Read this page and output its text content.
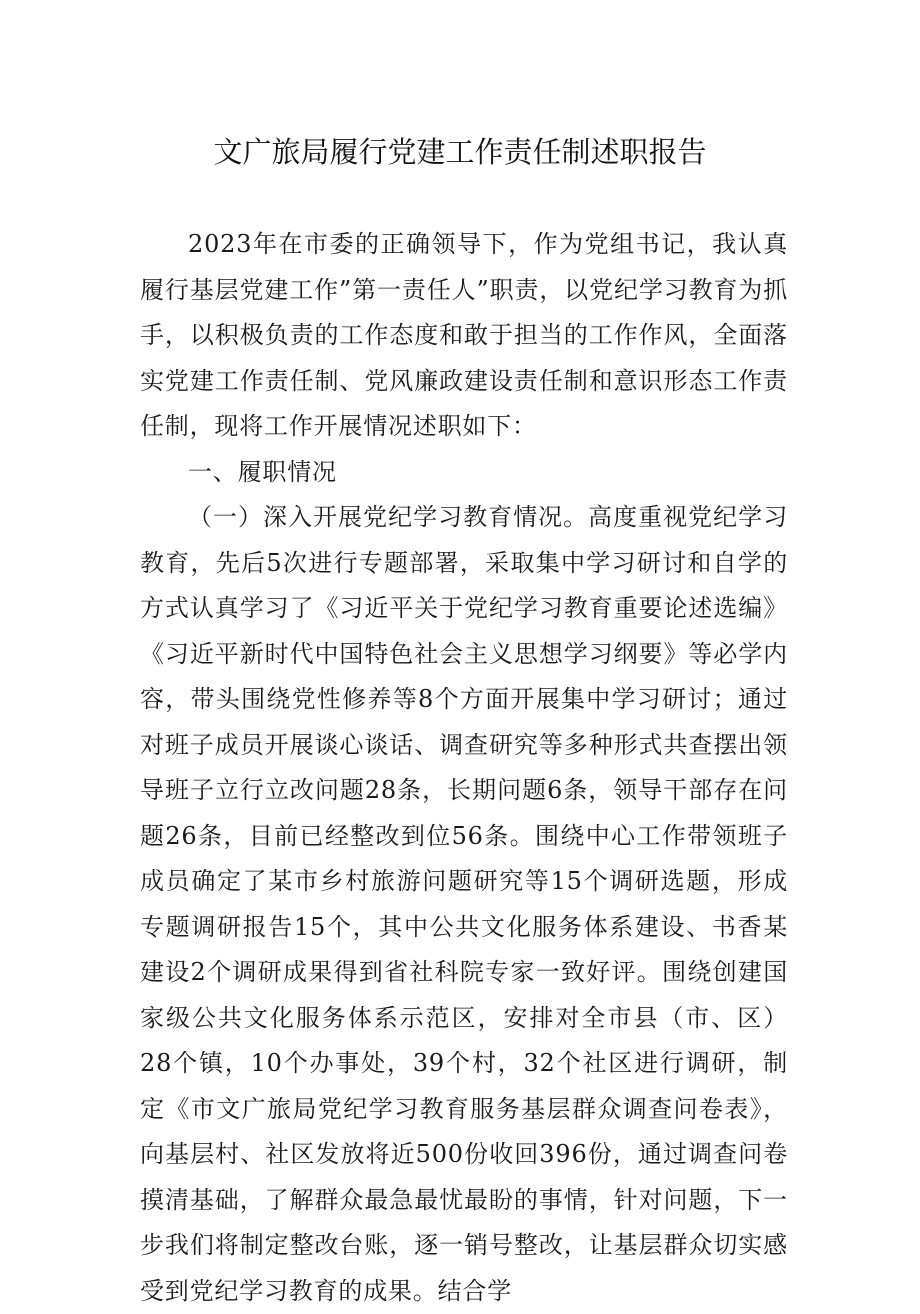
文广旅局履行党建工作责任制述职报告

2023年在市委的正确领导下，作为党组书记，我认真履行基层党建工作”第一责任人”职责，以党纪学习教育为抓手，以积极负责的工作态度和敢于担当的工作作风，全面落实党建工作责任制、党风廉政建设责任制和意识形态工作责任制，现将工作开展情况述职如下：

一、履职情况

（一）深入开展党纪学习教育情况。高度重视党纪学习教育，先后5次进行专题部署，采取集中学习研讨和自学的方式认真学习了《习近平关于党纪学习教育重要论述选编》《习近平新时代中国特色社会主义思想学习纲要》等必学内容，带头围绕党性修养等8个方面开展集中学习研讨；通过对班子成员开展谈心谈话、调查研究等多种形式共查摆出领导班子立行立改问题28条，长期问题6条，领导干部存在问题26条，目前已经整改到位56条。围绕中心工作带领班子成员确定了某市乡村旅游问题研究等15个调研选题，形成专题调研报告15个，其中公共文化服务体系建设、书香某建设2个调研成果得到省社科院专家一致好评。围绕创建国家级公共文化服务体系示范区，安排对全市县（市、区）28个镇，10个办事处，39个村，32个社区进行调研，制定《市文广旅局党纪学习教育服务基层群众调查问卷表》，向基层村、社区发放将近500份收回396份，通过调查问卷摸清基础，了解群众最急最忧最盼的事情，针对问题，下一步我们将制定整改台账，逐一销号整改，让基层群众切实感受到党纪学习教育的成果。结合学
